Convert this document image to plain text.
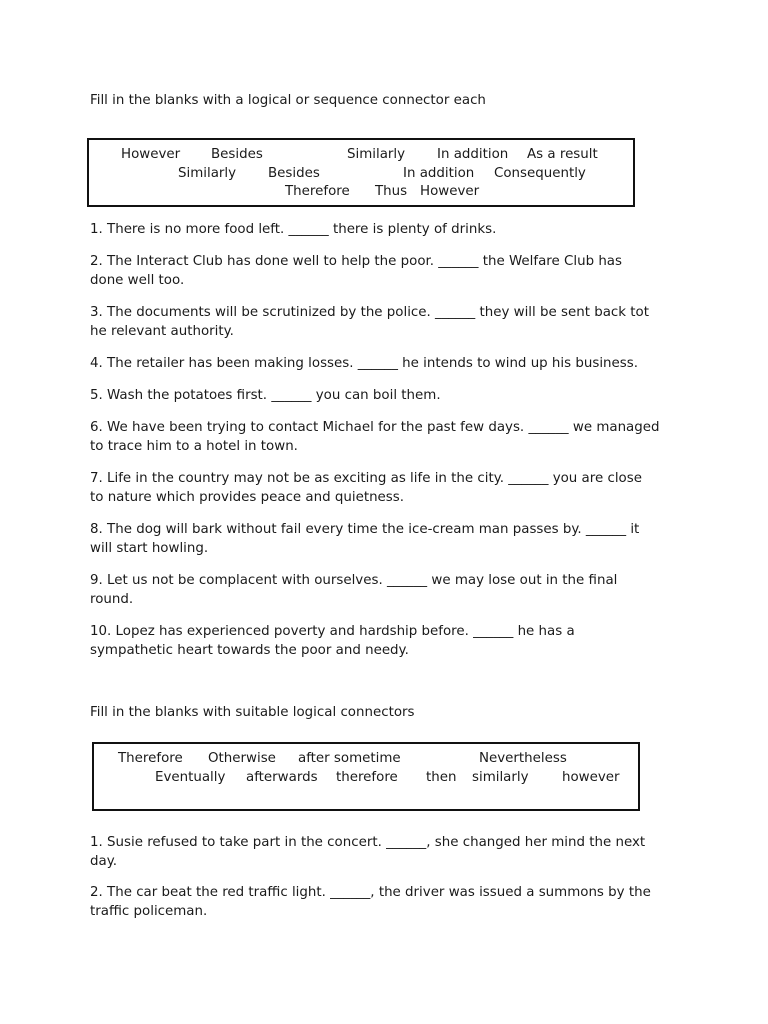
Fill in the blanks with a logical or sequence connector each
However Besides	Similarly In addition As a result
Similarly Besides	In addition Consequently
Therefore Thus However
1. There is no more food left. ______ there is plenty of drinks.
2. The Interact Club has done well to help the poor. ______ the Welfare Club has
done well too.
3. The documents will be scrutinized by the police. ______ they will be sent back tot
he relevant authority.
4. The retailer has been making losses. ______ he intends to wind up his business.
5. Wash the potatoes first. ______ you can boil them.
6. We have been trying to contact Michael for the past few days. ______ we managed
to trace him to a hotel in town.
7. Life in the country may not be as exciting as life in the city. ______ you are close
to nature which provides peace and quietness.
8. The dog will bark without fail every time the ice-cream man passes by. ______ it
will start howling.
9. Let us not be complacent with ourselves. ______ we may lose out in the final
round.
10. Lopez has experienced poverty and hardship before. ______ he has a
sympathetic heart towards the poor and needy.
Fill in the blanks with suitable logical connectors
Therefore Otherwise after sometime	Nevertheless
Eventually afterwards therefore then similarly however
1. Susie refused to take part in the concert. ______, she changed her mind the next
day.
2. The car beat the red traffic light. ______, the driver was issued a summons by the
traffic policeman.
